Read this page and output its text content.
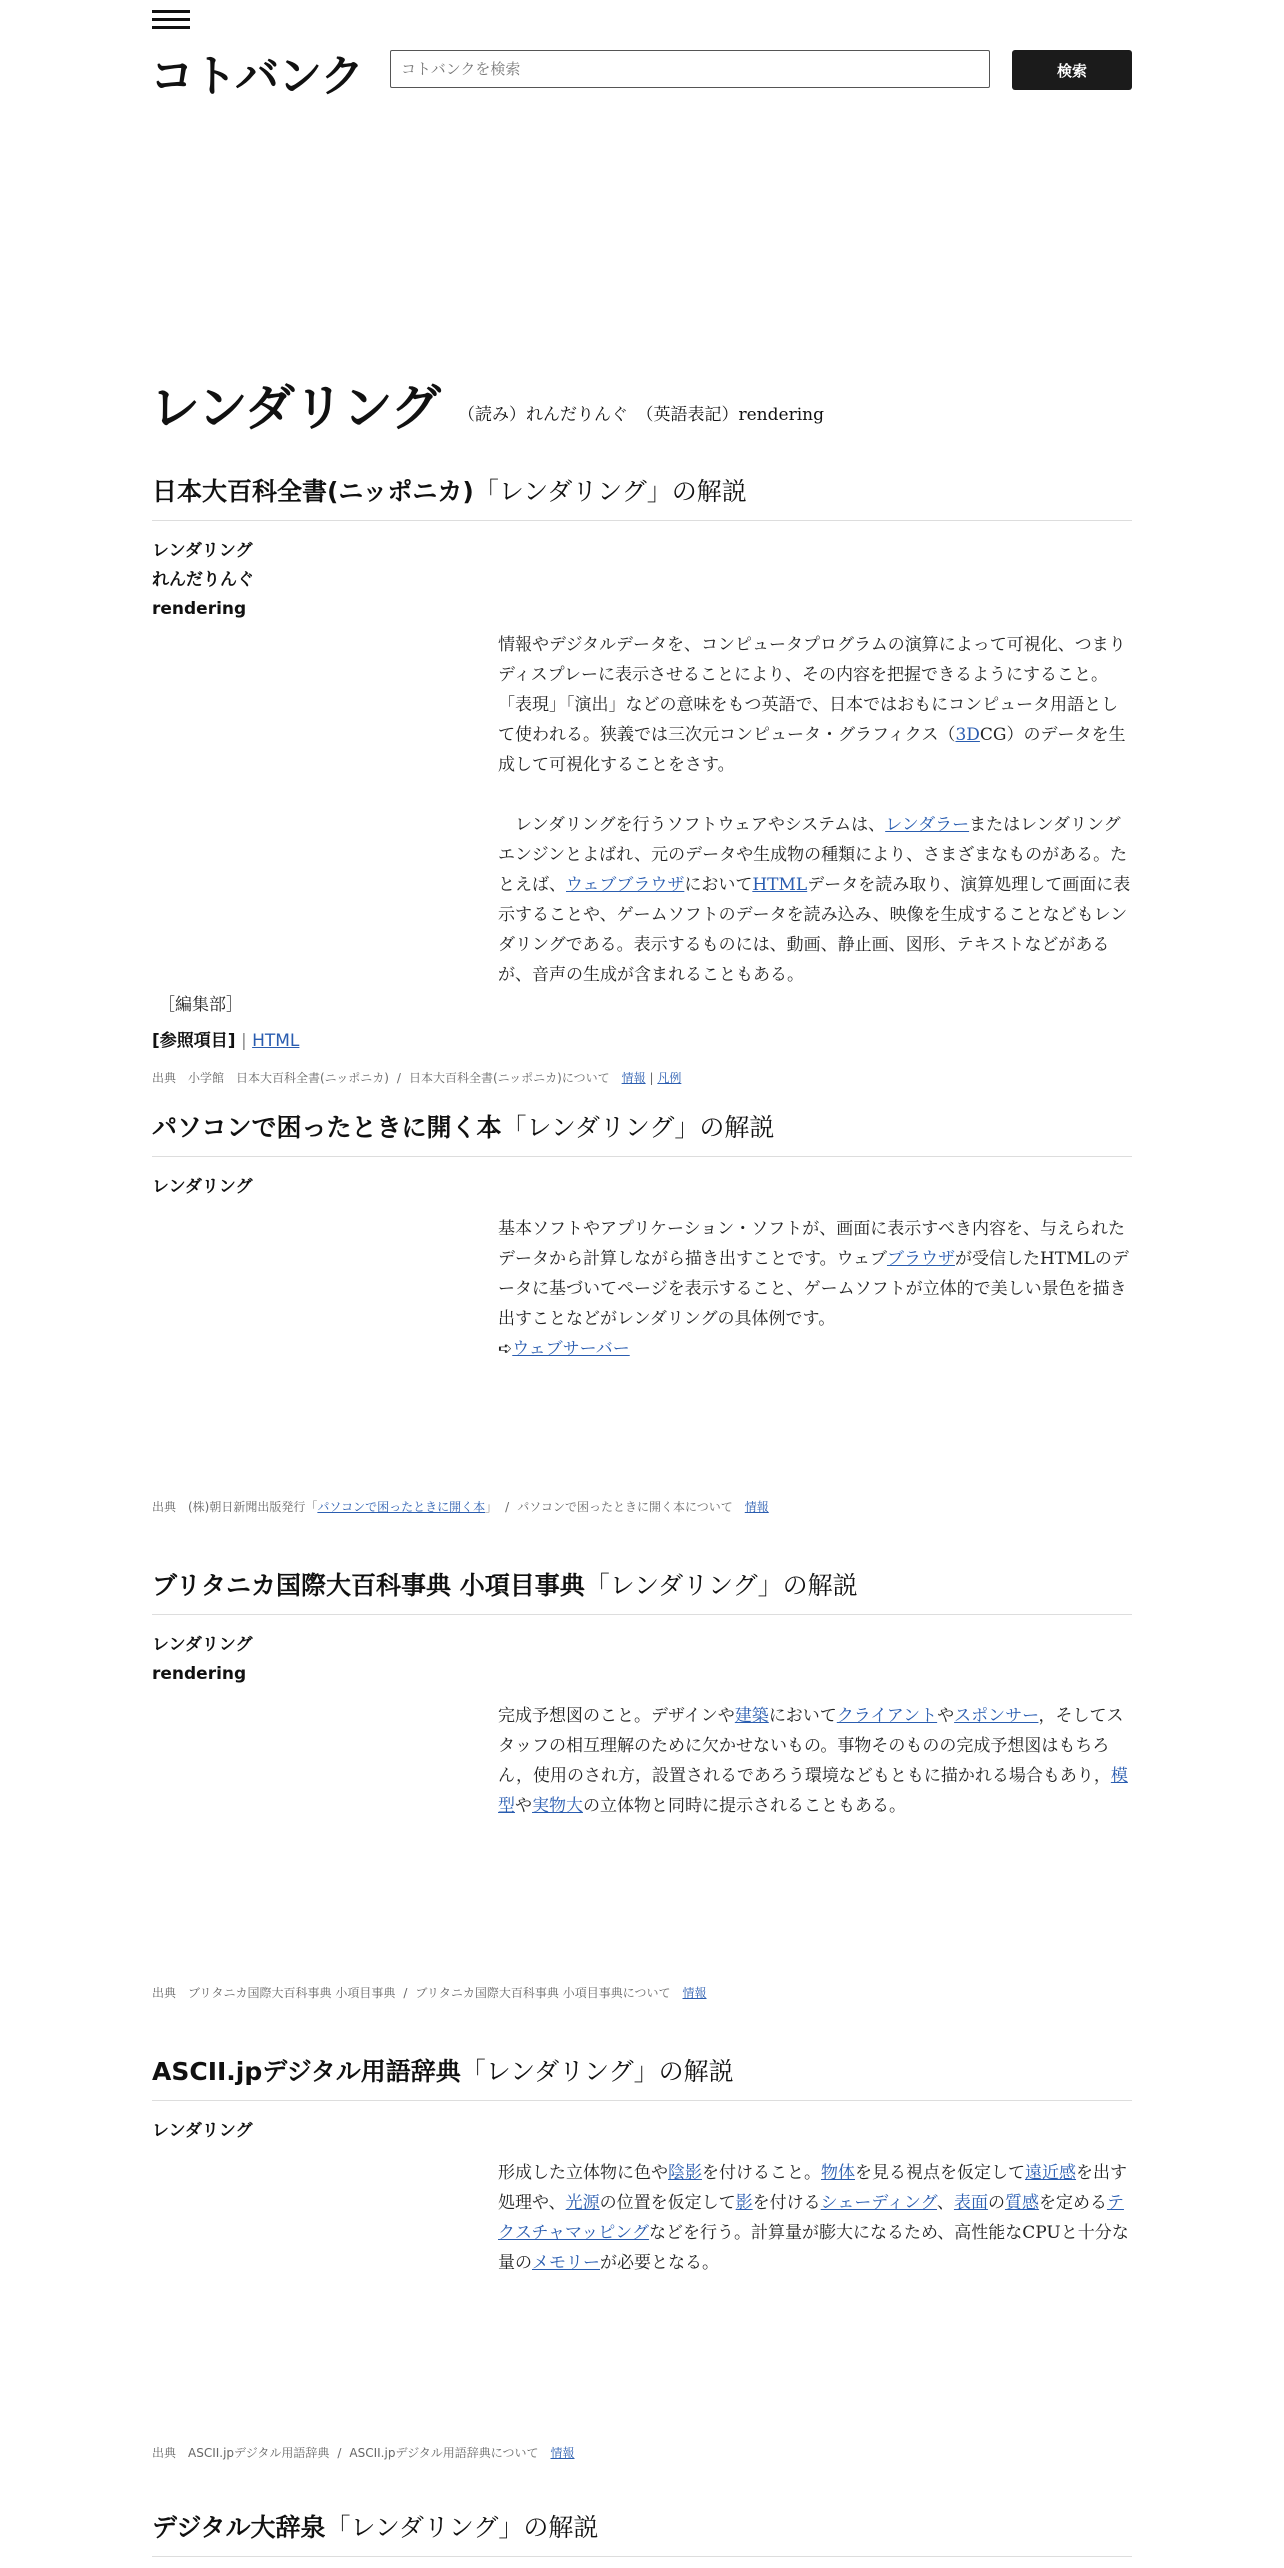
コトバンク
コトバンクを検索	検索
レンダリング （読み）れんだりんぐ　（英語表記）rendering
日本大百科全書(ニッポニカ)「レンダリング」の解説
レンダリング
れんだりんぐ
rendering
情報やデジタルデータを、コンピュータプログラムの演算によって可視化、つまりディスプレーに表示させることにより、その内容を把握できるようにすること。「表現」「演出」などの意味をもつ英語で、日本ではおもにコンピュータ用語として使われる。狭義では三次元コンピュータ・グラフィクス（3DCG）のデータを生成して可視化することをさす。
　レンダリングを行うソフトウェアやシステムは、レンダラーまたはレンダリングエンジンとよばれ、元のデータや生成物の種類により、さまざまなものがある。たとえば、ウェブブラウザにおいてHTMLデータを読み取り、演算処理して画面に表示することや、ゲームソフトのデータを読み込み、映像を生成することなどもレンダリングである。表示するものには、動画、静止画、図形、テキストなどがあるが、音声の生成が含まれることもある。
［編集部］
[参照項目] | HTML
出典　小学館　日本大百科全書(ニッポニカ) / 日本大百科全書(ニッポニカ)について　 情報 | 凡例
パソコンで困ったときに開く本「レンダリング」の解説
レンダリング
基本ソフトやアプリケーション・ソフトが、画面に表示すべき内容を、与えられたデータから計算しながら描き出すことです。ウェブブラウザが受信したHTMLのデータに基づいてページを表示すること、ゲームソフトが立体的で美しい景色を描き出すことなどがレンダリングの具体例です。
➪ウェブサーバー
出典　(株)朝日新聞出版発行「パソコンで困ったときに開く本」 / パソコンで困ったときに開く本について　 情報
ブリタニカ国際大百科事典 小項目事典「レンダリング」の解説
レンダリング
rendering
完成予想図のこと。デザインや建築においてクライアントやスポンサー，そしてスタッフの相互理解のために欠かせないもの。事物そのものの完成予想図はもちろん，使用のされ方，設置されるであろう環境などもともに描かれる場合もあり，模型や実物大の立体物と同時に提示されることもある。
出典　ブリタニカ国際大百科事典 小項目事典 / ブリタニカ国際大百科事典 小項目事典について　 情報
ASCII.jpデジタル用語辞典「レンダリング」の解説
レンダリング
形成した立体物に色や陰影を付けること。物体を見る視点を仮定して遠近感を出す処理や、光源の位置を仮定して影を付けるシェーディング、表面の質感を定めるテクスチャマッピングなどを行う。計算量が膨大になるため、高性能なCPUと十分な量のメモリーが必要となる。
出典　ASCII.jpデジタル用語辞典 / ASCII.jpデジタル用語辞典について　 情報
デジタル大辞泉「レンダリング」の解説
